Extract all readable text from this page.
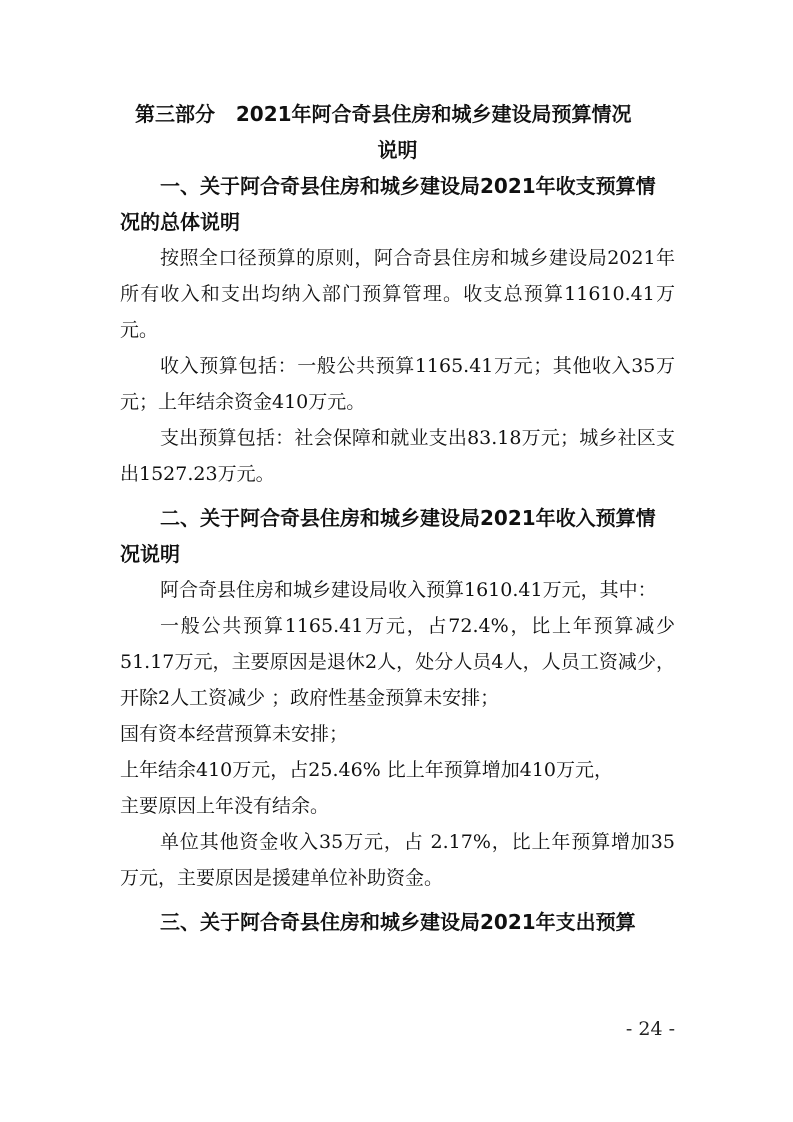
第三部分   2021年阿合奇县住房和城乡建设局预算情况
说明
一、关于阿合奇县住房和城乡建设局2021年收支预算情况的总体说明

按照全口径预算的原则，阿合奇县住房和城乡建设局2021年所有收入和支出均纳入部门预算管理。收支总预算11610.41万元。

收入预算包括：一般公共预算1165.41万元；其他收入35万元；上年结余资金410万元。

支出预算包括：社会保障和就业支出83.18万元；城乡社区支出1527.23万元。

二、关于阿合奇县住房和城乡建设局2021年收入预算情况说明

阿合奇县住房和城乡建设局收入预算1610.41万元，其中：

一般公共预算1165.41万元，占72.4%，比上年预算减少51.17万元，主要原因是退休2人，处分人员4人，人员工资减少，开除2人工资减少 ；政府性基金预算未安排；

国有资本经营预算未安排；

上年结余410万元，占25.46% 比上年预算增加410万元，

主要原因上年没有结余。

单位其他资金收入35万元，占 2.17%，比上年预算增加35 万元，主要原因是援建单位补助资金。

三、关于阿合奇县住房和城乡建设局2021年支出预算
- 24 -
